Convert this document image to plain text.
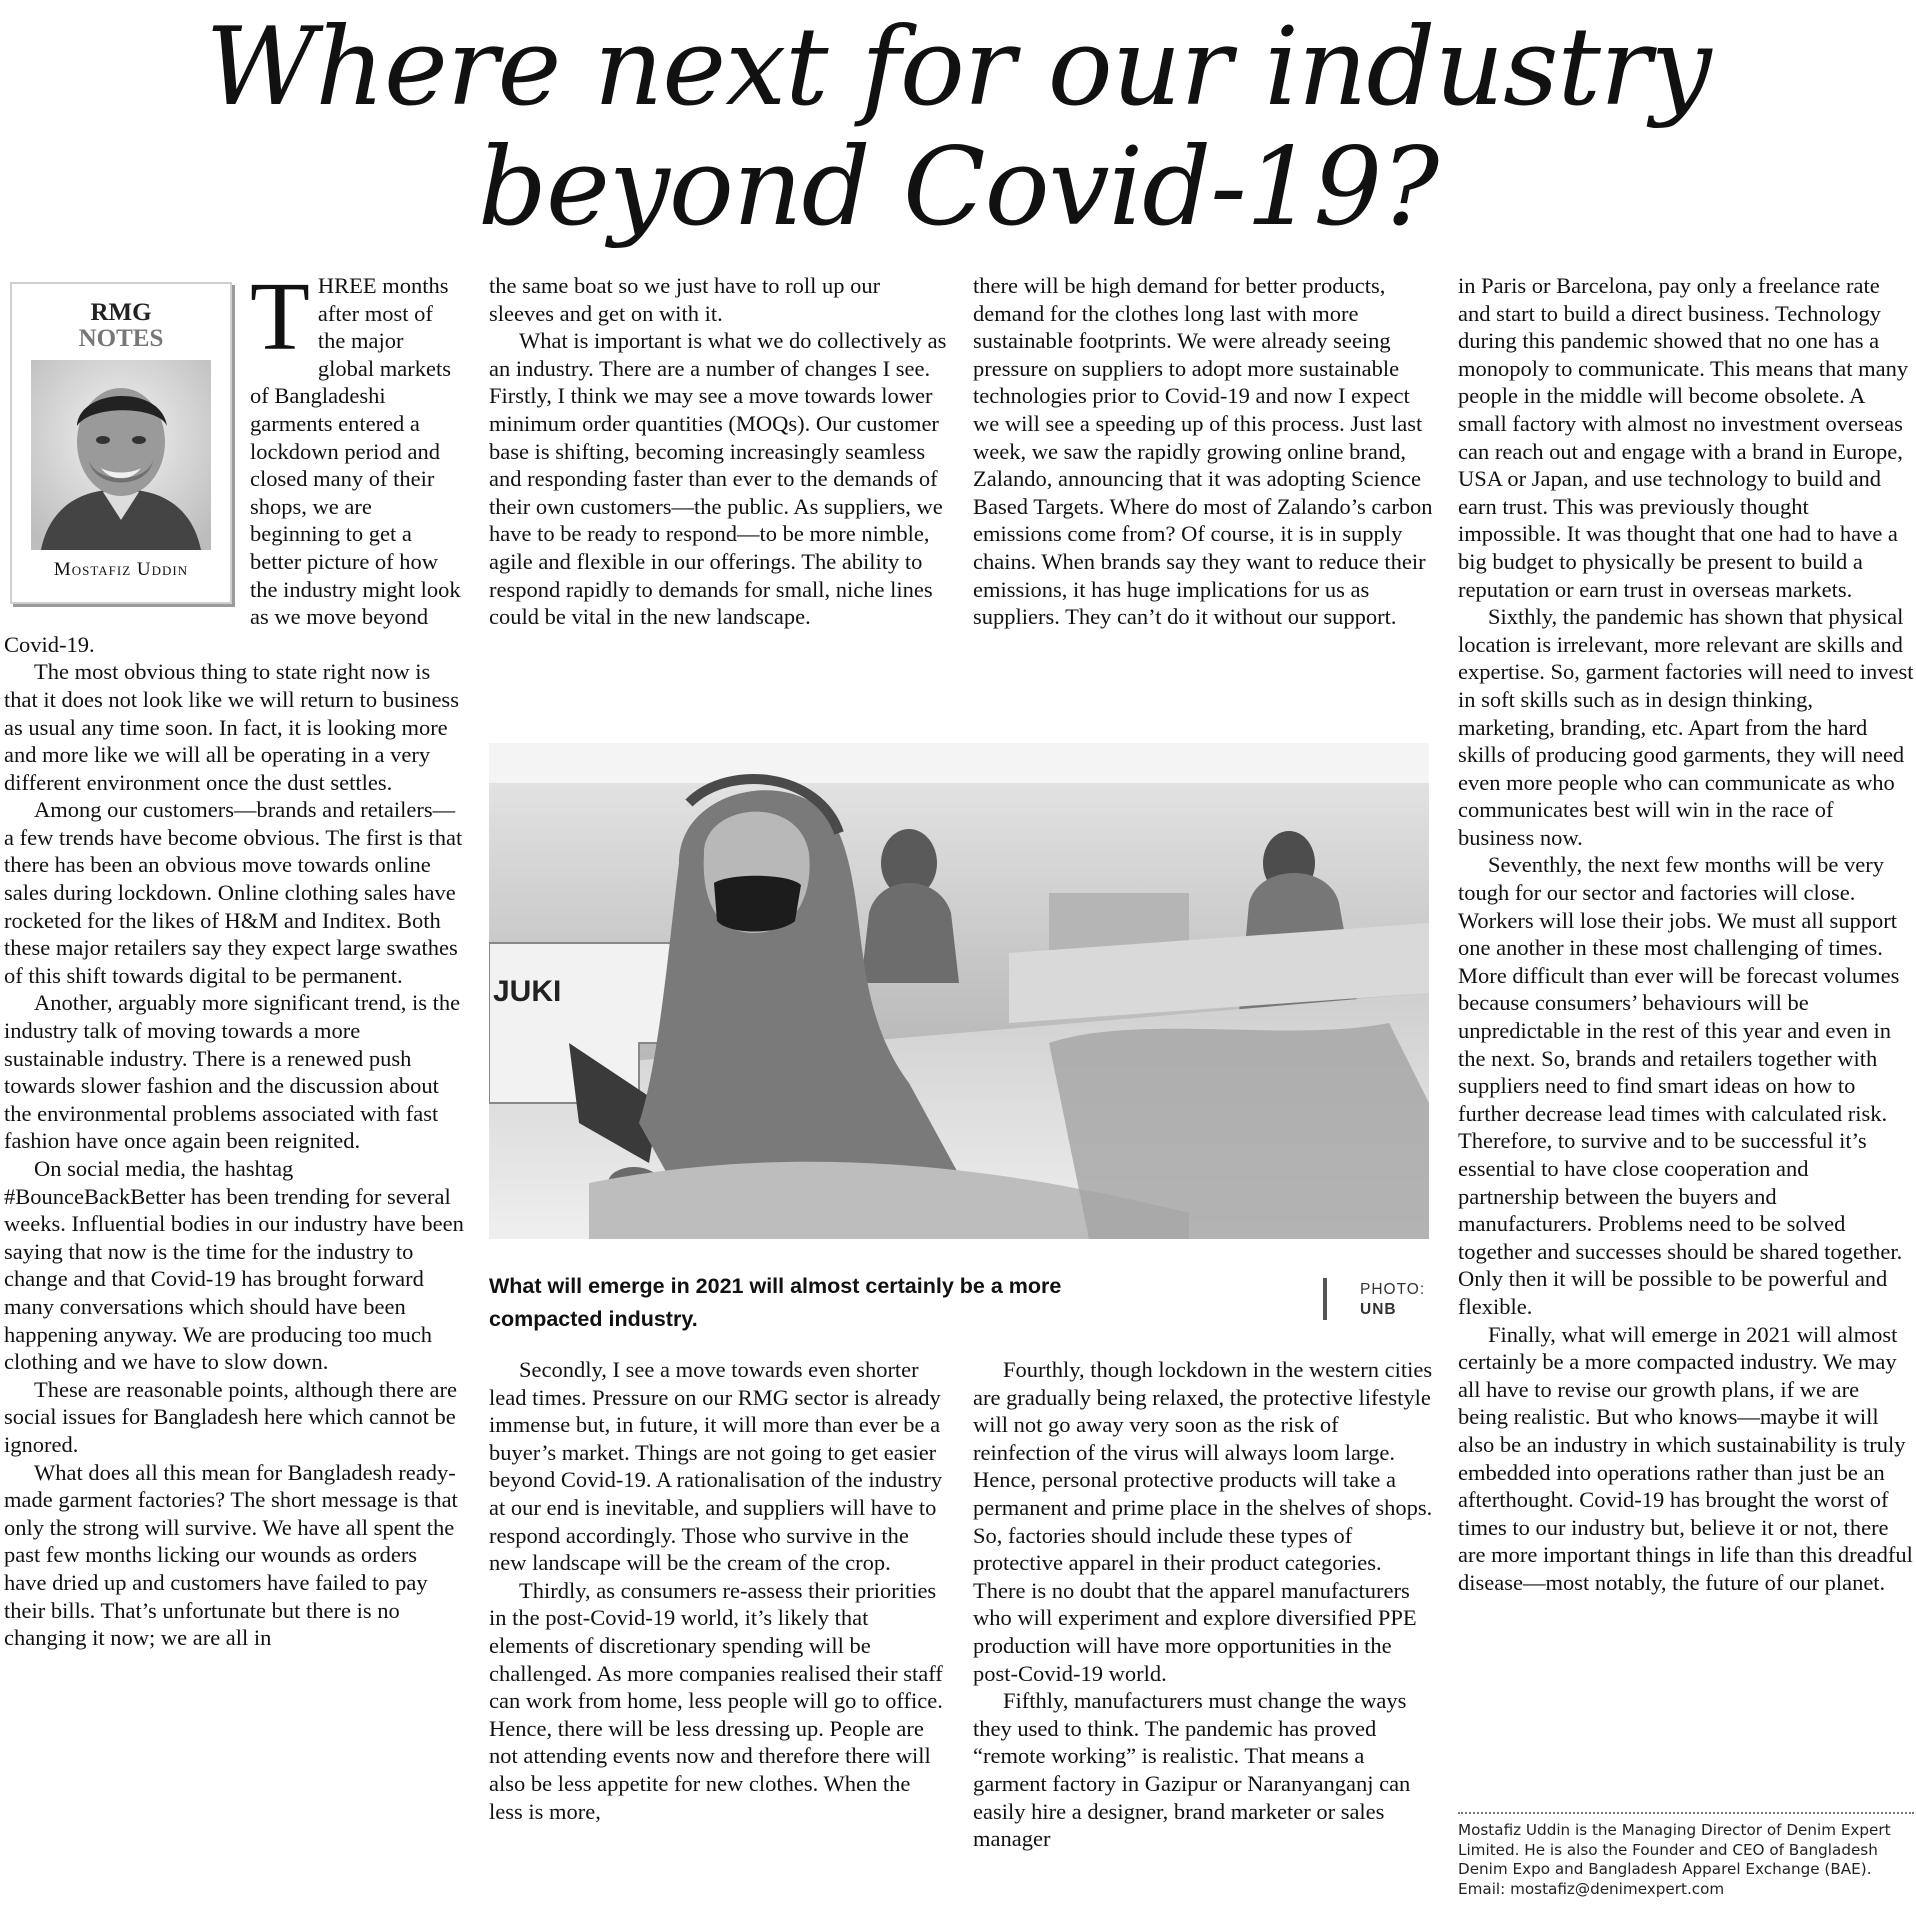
Where next for our industry beyond Covid-19?
RMG
NOTES
Mostafiz Uddin
T HREE months after most of the major global markets of Bangladeshi garments entered a lockdown period and closed many of their shops, we are beginning to get a better picture of how the industry might look as we move beyond Covid-19.

The most obvious thing to state right now is that it does not look like we will return to business as usual any time soon. In fact, it is looking more and more like we will all be operating in a very different environment once the dust settles.

Among our customers—brands and retailers—a few trends have become obvious. The first is that there has been an obvious move towards online sales during lockdown. Online clothing sales have rocketed for the likes of H&M and Inditex. Both these major retailers say they expect large swathes of this shift towards digital to be permanent.

Another, arguably more significant trend, is the industry talk of moving towards a more sustainable industry. There is a renewed push towards slower fashion and the discussion about the environmental problems associated with fast fashion have once again been reignited.

On social media, the hashtag #BounceBackBetter has been trending for several weeks. Influential bodies in our industry have been saying that now is the time for the industry to change and that Covid-19 has brought forward many conversations which should have been happening anyway. We are producing too much clothing and we have to slow down.

These are reasonable points, although there are social issues for Bangladesh here which cannot be ignored.

What does all this mean for Bangladesh ready-made garment factories? The short message is that only the strong will survive. We have all spent the past few months licking our wounds as orders have dried up and customers have failed to pay their bills. That’s unfortunate but there is no changing it now; we are all in

the same boat so we just have to roll up our sleeves and get on with it.

What is important is what we do collectively as an industry. There are a number of changes I see. Firstly, I think we may see a move towards lower minimum order quantities (MOQs). Our customer base is shifting, becoming increasingly seamless and responding faster than ever to the demands of their own customers—the public. As suppliers, we have to be ready to respond—to be more nimble, agile and flexible in our offerings. The ability to respond rapidly to demands for small, niche lines could be vital in the new landscape.

there will be high demand for better products, demand for the clothes long last with more sustainable footprints. We were already seeing pressure on suppliers to adopt more sustainable technologies prior to Covid-19 and now I expect we will see a speeding up of this process. Just last week, we saw the rapidly growing online brand, Zalando, announcing that it was adopting Science Based Targets. Where do most of Zalando’s carbon emissions come from? Of course, it is in supply chains. When brands say they want to reduce their emissions, it has huge implications for us as suppliers. They can’t do it without our support.

JUKI
What will emerge in 2021 will almost certainly be a more compacted industry.
PHOTO:
UNB

Secondly, I see a move towards even shorter lead times. Pressure on our RMG sector is already immense but, in future, it will more than ever be a buyer’s market. Things are not going to get easier beyond Covid-19. A rationalisation of the industry at our end is inevitable, and suppliers will have to respond accordingly. Those who survive in the new landscape will be the cream of the crop.

Thirdly, as consumers re-assess their priorities in the post-Covid-19 world, it’s likely that elements of discretionary spending will be challenged. As more companies realised their staff can work from home, less people will go to office. Hence, there will be less dressing up. People are not attending events now and therefore there will also be less appetite for new clothes. When the less is more,

Fourthly, though lockdown in the western cities are gradually being relaxed, the protective lifestyle will not go away very soon as the risk of reinfection of the virus will always loom large. Hence, personal protective products will take a permanent and prime place in the shelves of shops. So, factories should include these types of protective apparel in their product categories. There is no doubt that the apparel manufacturers who will experiment and explore diversified PPE production will have more opportunities in the post-Covid-19 world.

Fifthly, manufacturers must change the ways they used to think. The pandemic has proved “remote working” is realistic. That means a garment factory in Gazipur or Naranyanganj can easily hire a designer, brand marketer or sales manager

in Paris or Barcelona, pay only a freelance rate and start to build a direct business. Technology during this pandemic showed that no one has a monopoly to communicate. This means that many people in the middle will become obsolete. A small factory with almost no investment overseas can reach out and engage with a brand in Europe, USA or Japan, and use technology to build and earn trust. This was previously thought impossible. It was thought that one had to have a big budget to physically be present to build a reputation or earn trust in overseas markets.

Sixthly, the pandemic has shown that physical location is irrelevant, more relevant are skills and expertise. So, garment factories will need to invest in soft skills such as in design thinking, marketing, branding, etc. Apart from the hard skills of producing good garments, they will need even more people who can communicate as who communicates best will win in the race of business now.

Seventhly, the next few months will be very tough for our sector and factories will close. Workers will lose their jobs. We must all support one another in these most challenging of times. More difficult than ever will be forecast volumes because consumers’ behaviours will be unpredictable in the rest of this year and even in the next. So, brands and retailers together with suppliers need to find smart ideas on how to further decrease lead times with calculated risk. Therefore, to survive and to be successful it’s essential to have close cooperation and partnership between the buyers and manufacturers. Problems need to be solved together and successes should be shared together. Only then it will be possible to be powerful and flexible.

Finally, what will emerge in 2021 will almost certainly be a more compacted industry. We may all have to revise our growth plans, if we are being realistic. But who knows—maybe it will also be an industry in which sustainability is truly embedded into operations rather than just be an afterthought. Covid-19 has brought the worst of times to our industry but, believe it or not, there are more important things in life than this dreadful disease—most notably, the future of our planet.

Mostafiz Uddin is the Managing Director of Denim Expert Limited. He is also the Founder and CEO of Bangladesh Denim Expo and Bangladesh Apparel Exchange (BAE). Email: mostafiz@denimexpert.com
